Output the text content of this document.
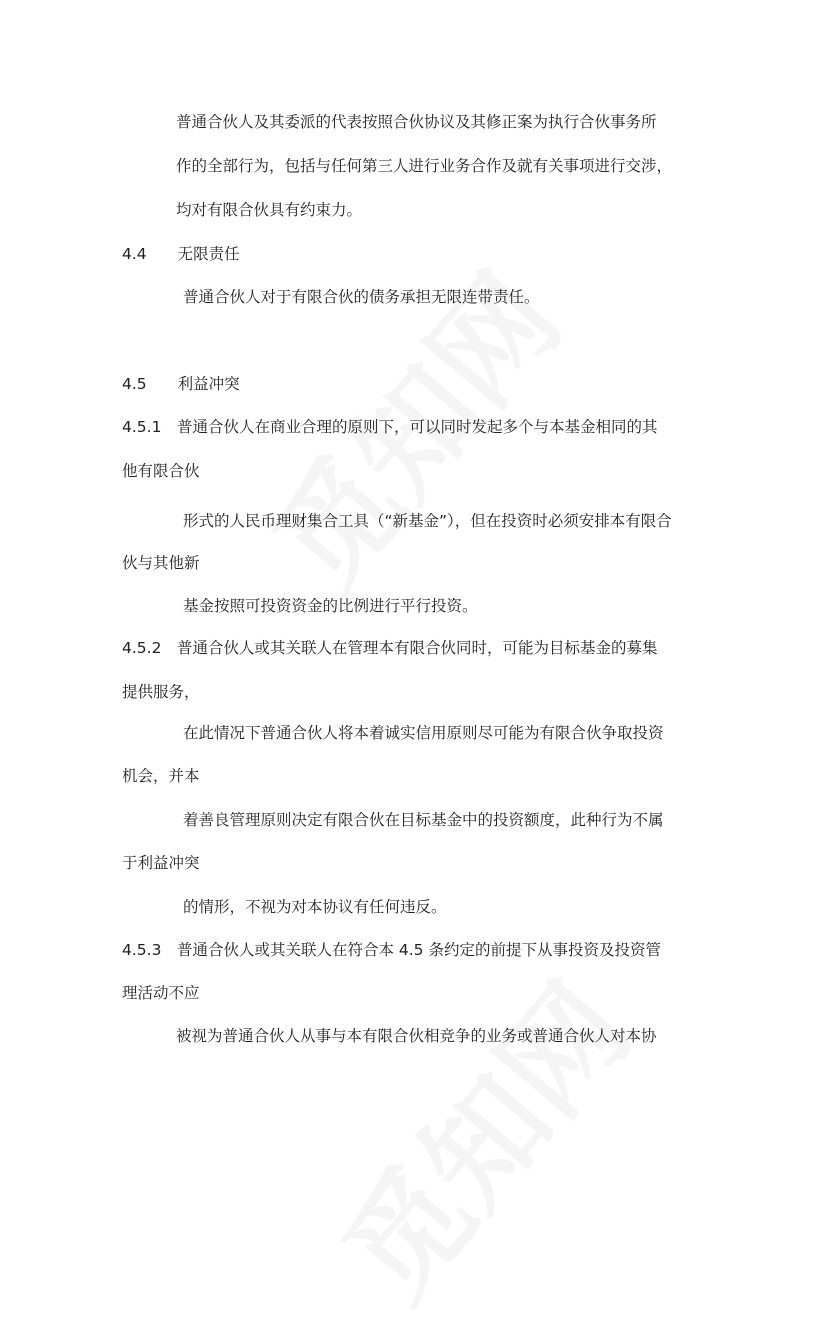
普通合伙人及其委派的代表按照合伙协议及其修正案为执行合伙事务所
作的全部行为，包括与任何第三人进行业务合作及就有关事项进行交涉，
均对有限合伙具有约束力。
4.4　　无限责任
普通合伙人对于有限合伙的债务承担无限连带责任。
4.5　　利益冲突
4.5.1　普通合伙人在商业合理的原则下，可以同时发起多个与本基金相同的其
他有限合伙
形式的人民币理财集合工具（“新基金”），但在投资时必须安排本有限合
伙与其他新
基金按照可投资资金的比例进行平行投资。
4.5.2　普通合伙人或其关联人在管理本有限合伙同时，可能为目标基金的募集
提供服务，
在此情况下普通合伙人将本着诚实信用原则尽可能为有限合伙争取投资
机会，并本
着善良管理原则决定有限合伙在目标基金中的投资额度，此种行为不属
于利益冲突
的情形，不视为对本协议有任何违反。
4.5.3　普通合伙人或其关联人在符合本 4.5 条约定的前提下从事投资及投资管
理活动不应
被视为普通合伙人从事与本有限合伙相竞争的业务或普通合伙人对本协
